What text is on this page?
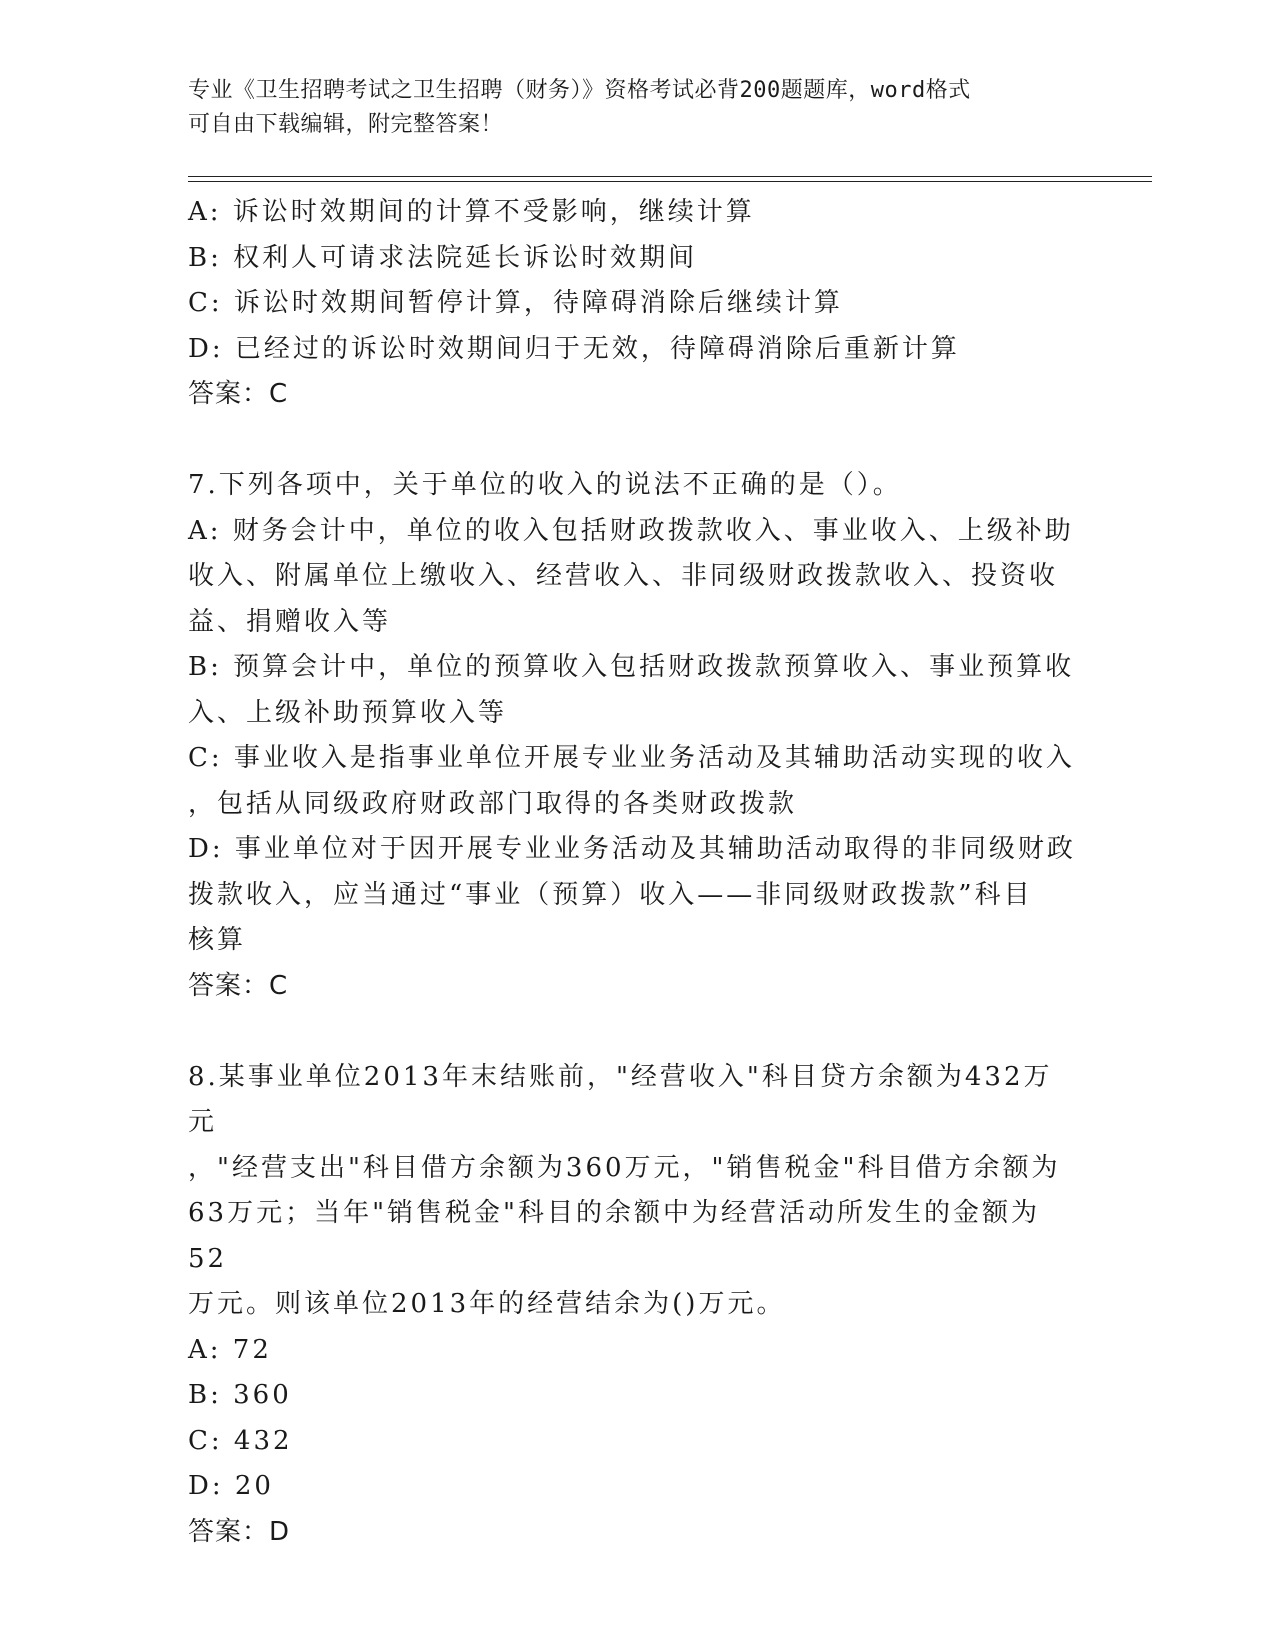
专业《卫生招聘考试之卫生招聘（财务）》资格考试必背200题题库，word格式
可自由下载编辑，附完整答案！

A: 诉讼时效期间的计算不受影响，继续计算

B: 权利人可请求法院延长诉讼时效期间

C: 诉讼时效期间暂停计算，待障碍消除后继续计算

D: 已经过的诉讼时效期间归于无效，待障碍消除后重新计算

答案：C

7.下列各项中，关于单位的收入的说法不正确的是（）。

A: 财务会计中，单位的收入包括财政拨款收入、事业收入、上级补助

收入、附属单位上缴收入、经营收入、非同级财政拨款收入、投资收

益、捐赠收入等

B: 预算会计中，单位的预算收入包括财政拨款预算收入、事业预算收

入、上级补助预算收入等

C: 事业收入是指事业单位开展专业业务活动及其辅助活动实现的收入

，包括从同级政府财政部门取得的各类财政拨款

D: 事业单位对于因开展专业业务活动及其辅助活动取得的非同级财政

拨款收入，应当通过“事业（预算）收入——非同级财政拨款”科目

核算

答案：C

8.某事业单位2013年末结账前，"经营收入"科目贷方余额为432万元

，"经营支出"科目借方余额为360万元，"销售税金"科目借方余额为

63万元；当年"销售税金"科目的余额中为经营活动所发生的金额为52

万元。则该单位2013年的经营结余为()万元。

A: 72

B: 360

C: 432

D: 20

答案：D
